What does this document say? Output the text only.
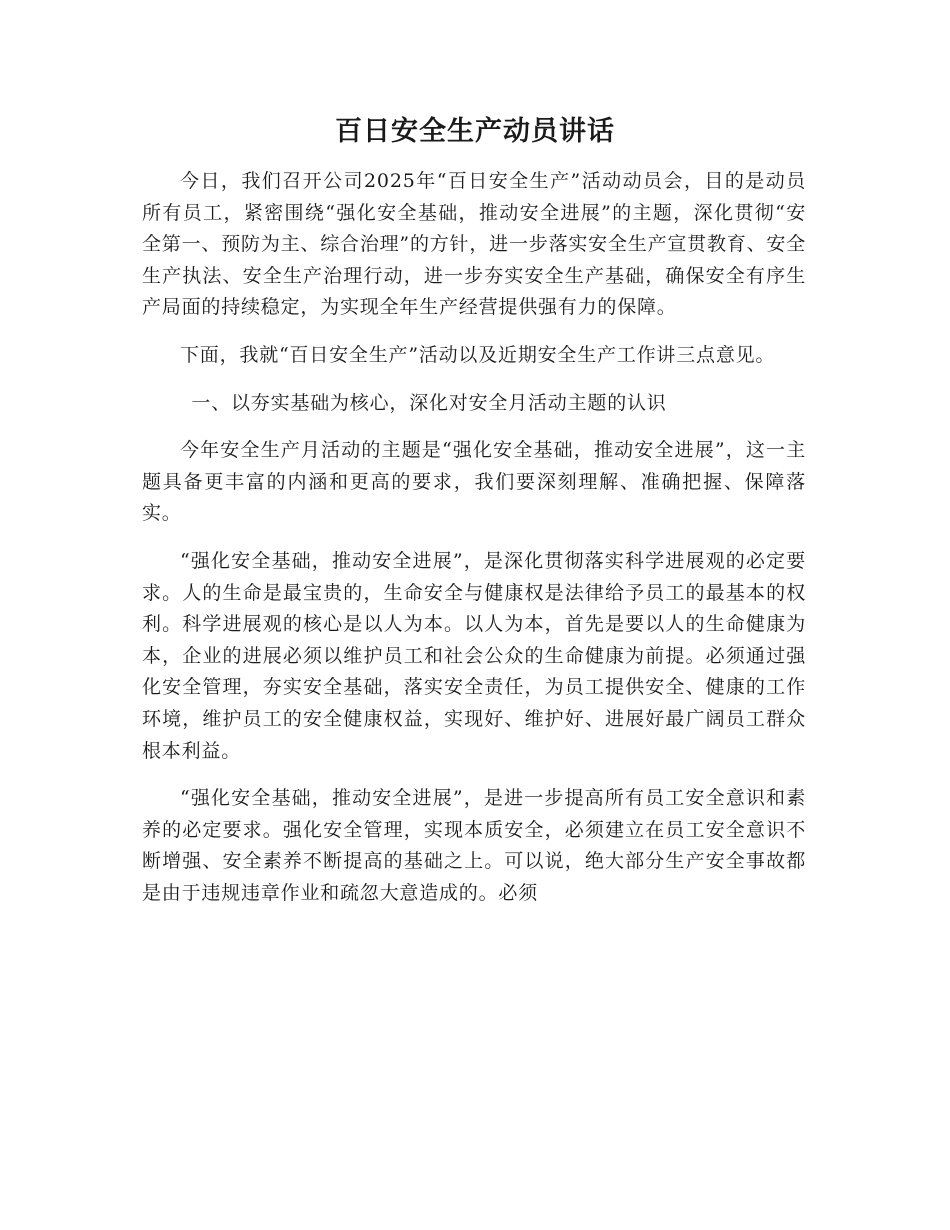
百日安全生产动员讲话

今日，我们召开公司2025年“百日安全生产”活动动员会，目的是动员所有员工，紧密围绕“强化安全基础，推动安全进展”的主题，深化贯彻“安全第一、预防为主、综合治理”的方针，进一步落实安全生产宣贯教育、安全生产执法、安全生产治理行动，进一步夯实安全生产基础，确保安全有序生产局面的持续稳定，为实现全年生产经营提供强有力的保障。

下面，我就“百日安全生产”活动以及近期安全生产工作讲三点意见。

一、以夯实基础为核心，深化对安全月活动主题的认识

今年安全生产月活动的主题是“强化安全基础，推动安全进展”，这一主题具备更丰富的内涵和更高的要求，我们要深刻理解、准确把握、保障落实。

“强化安全基础，推动安全进展”，是深化贯彻落实科学进展观的必定要求。人的生命是最宝贵的，生命安全与健康权是法律给予员工的最基本的权利。科学进展观的核心是以人为本。以人为本，首先是要以人的生命健康为本，企业的进展必须以维护员工和社会公众的生命健康为前提。必须通过强化安全管理，夯实安全基础，落实安全责任，为员工提供安全、健康的工作环境，维护员工的安全健康权益，实现好、维护好、进展好最广阔员工群众根本利益。

“强化安全基础，推动安全进展”，是进一步提高所有员工安全意识和素养的必定要求。强化安全管理，实现本质安全，必须建立在员工安全意识不断增强、安全素养不断提高的基础之上。可以说，绝大部分生产安全事故都是由于违规违章作业和疏忽大意造成的。必须
